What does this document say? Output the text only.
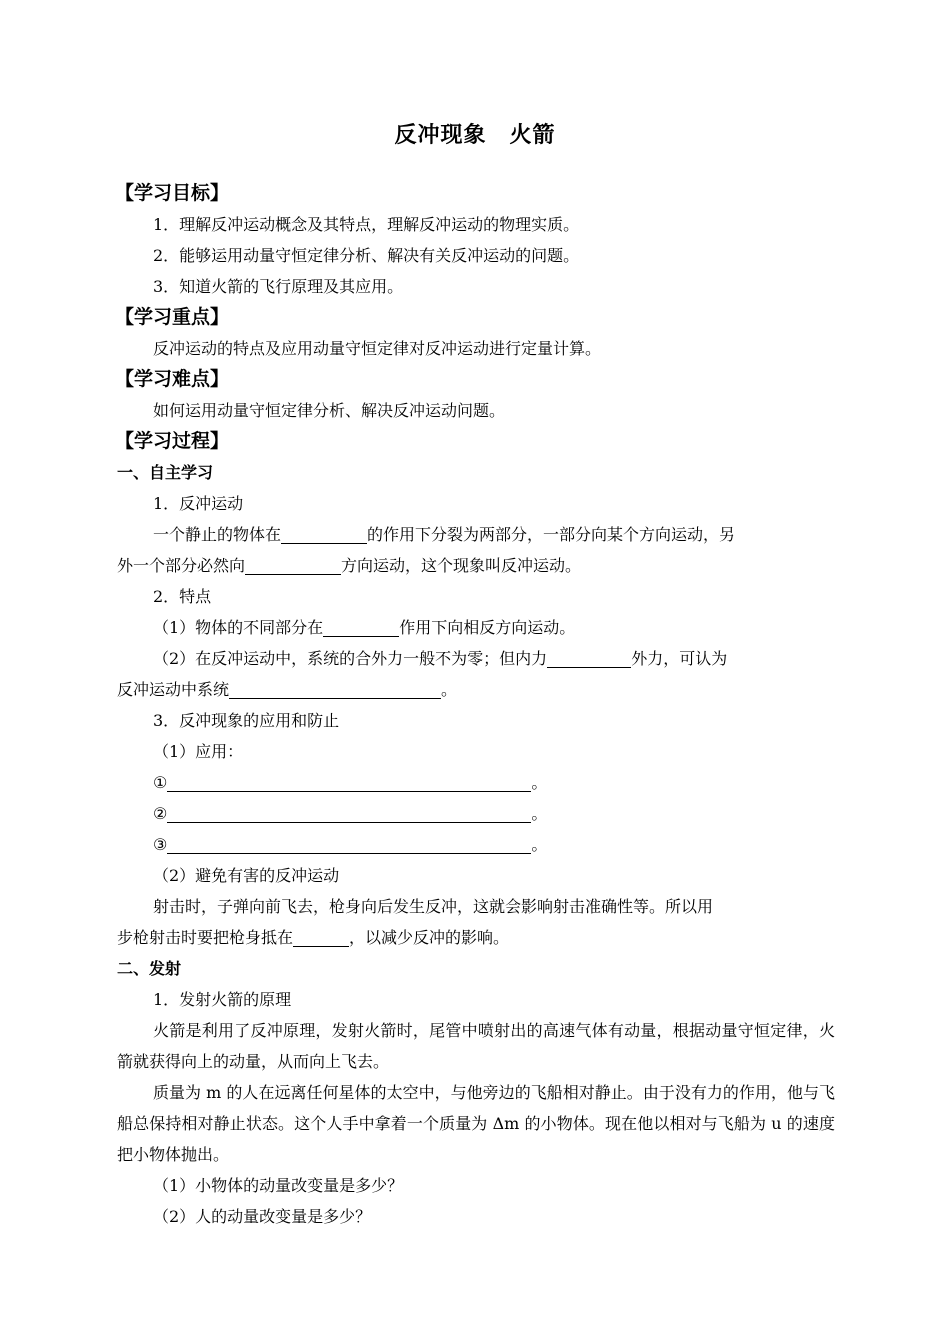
反冲现象　火箭
【学习目标】
1．理解反冲运动概念及其特点，理解反冲运动的物理实质。
2．能够运用动量守恒定律分析、解决有关反冲运动的问题。
3．知道火箭的飞行原理及其应用。
【学习重点】
反冲运动的特点及应用动量守恒定律对反冲运动进行定量计算。
【学习难点】
如何运用动量守恒定律分析、解决反冲运动问题。
【学习过程】
一、自主学习
1．反冲运动
一个静止的物体在	的作用下分裂为两部分，一部分向某个方向运动，另
外一个部分必然向	方向运动，这个现象叫反冲运动。
2．特点
（1）物体的不同部分在	作用下向相反方向运动。
（2）在反冲运动中，系统的合外力一般不为零；但内力	外力，可认为
反冲运动中系统	。
3．反冲现象的应用和防止
（1）应用：
①	。
②	。
③	。
（2）避免有害的反冲运动
射击时，子弹向前飞去，枪身向后发生反冲，这就会影响射击准确性等。所以用
步枪射击时要把枪身抵在	，以减少反冲的影响。
二、发射
1．发射火箭的原理
火箭是利用了反冲原理，发射火箭时，尾管中喷射出的高速气体有动量，根据动量守恒定律，火箭就获得向上的动量，从而向上飞去。
质量为 m 的人在远离任何星体的太空中，与他旁边的飞船相对静止。由于没有力的作用，他与飞船总保持相对静止状态。这个人手中拿着一个质量为 Δm 的小物体。现在他以相对与飞船为 u 的速度把小物体抛出。
（1）小物体的动量改变量是多少？
（2）人的动量改变量是多少？
